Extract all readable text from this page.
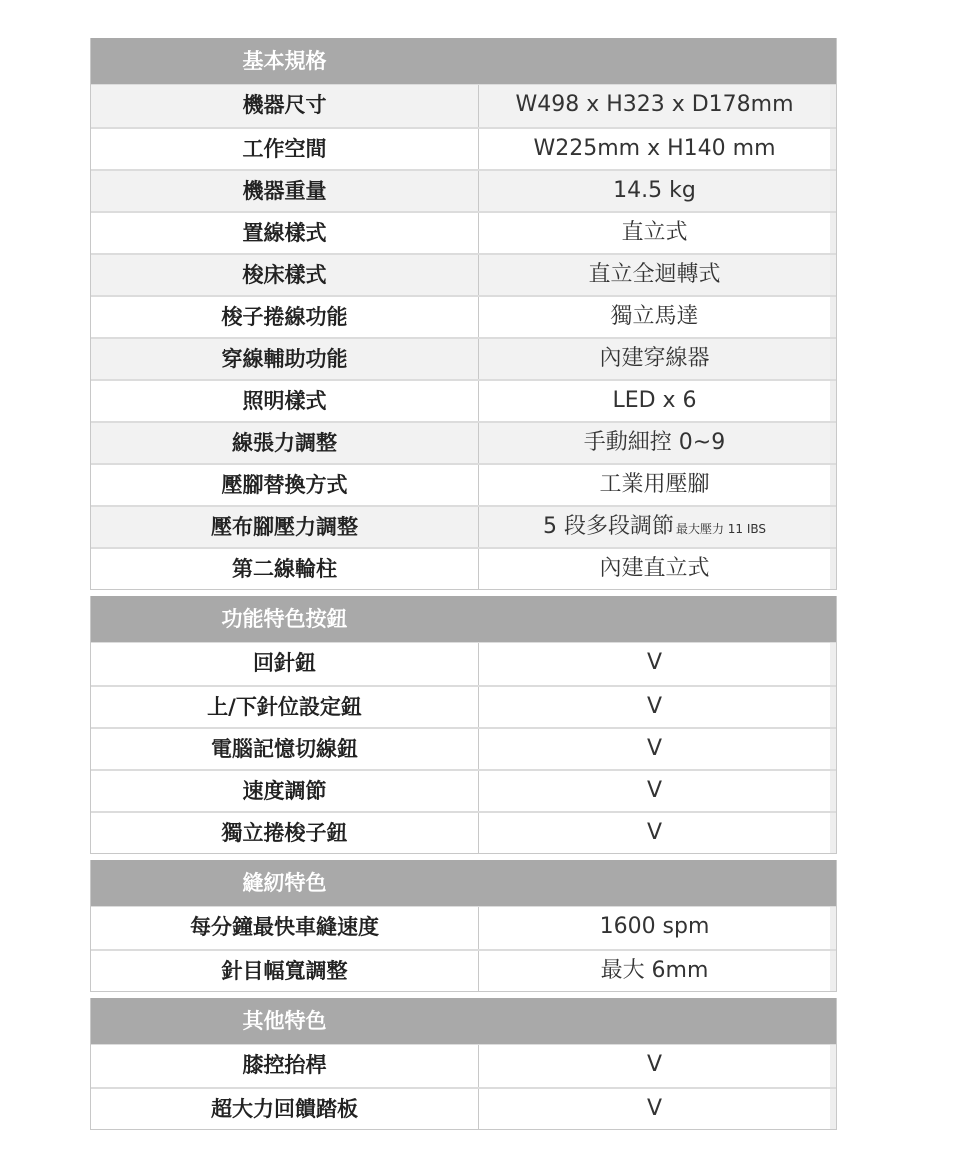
基本規格
機器尺寸	W498 x H323 x D178mm
工作空間	W225mm x H140 mm
機器重量	14.5 kg
置線樣式	直立式
梭床樣式	直立全迴轉式
梭子捲線功能	獨立馬達
穿線輔助功能	內建穿線器
照明樣式	LED x 6
線張力調整	手動細控 0~9
壓腳替換方式	工業用壓腳
壓布腳壓力調整	5 段多段調節 最大壓力 11 IBS
第二線輪柱	內建直立式
功能特色按鈕
回針鈕	V
上/下針位設定鈕	V
電腦記憶切線鈕	V
速度調節	V
獨立捲梭子鈕	V
縫紉特色
每分鐘最快車縫速度	1600 spm
針目幅寬調整	最大 6mm
其他特色
膝控抬桿	V
超大力回饋踏板	V
